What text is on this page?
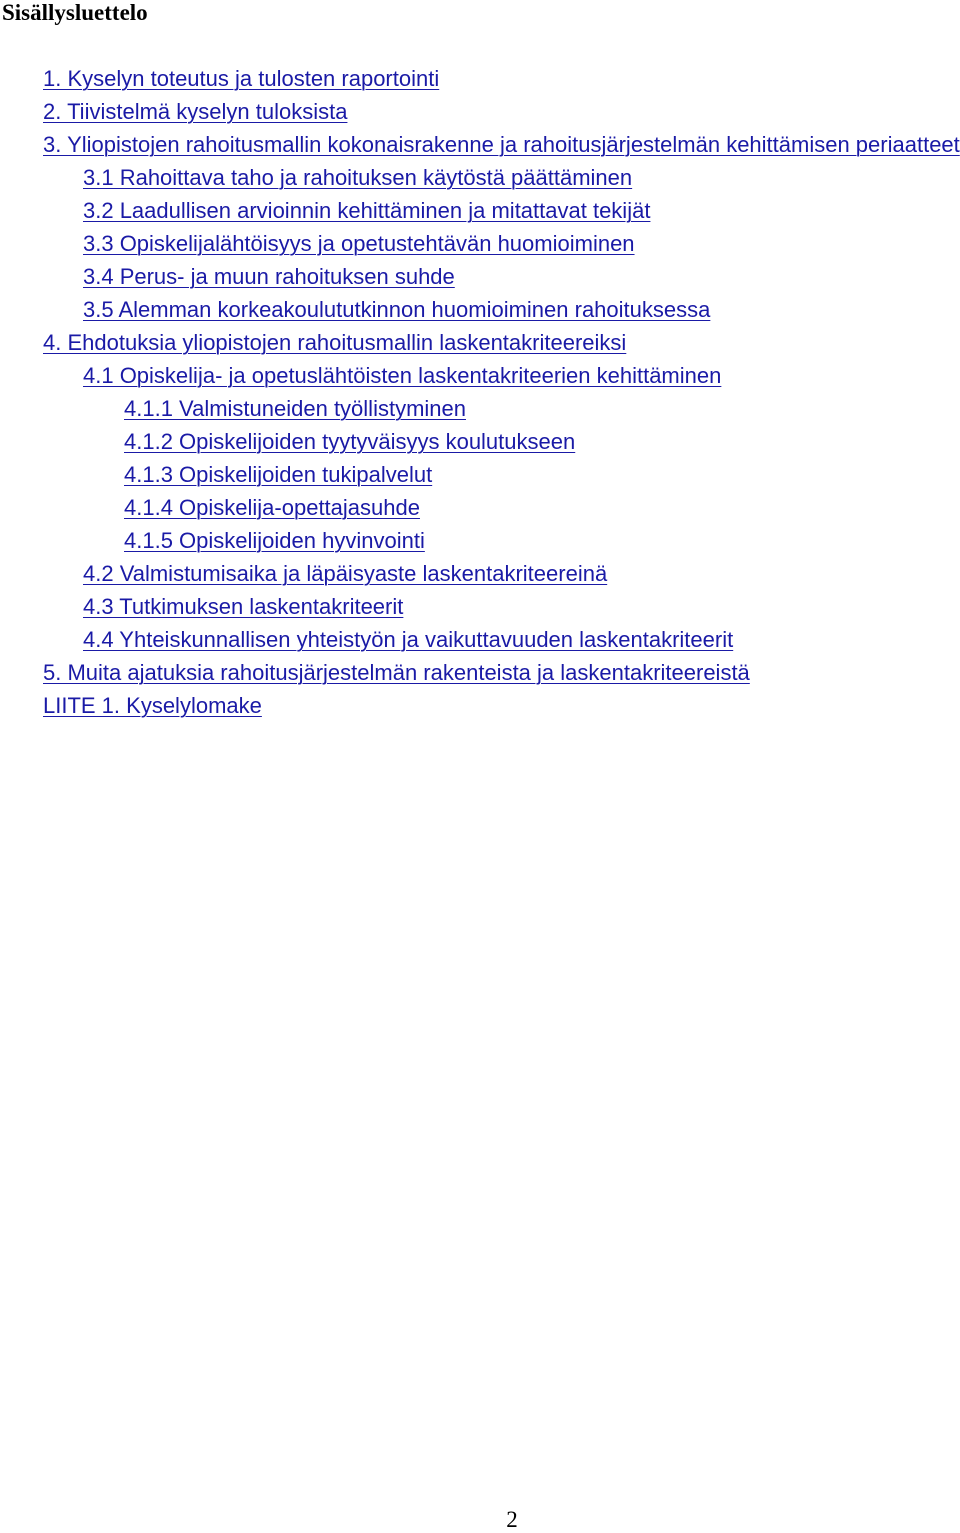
Sisällysluettelo
1. Kyselyn toteutus ja tulosten raportointi
2. Tiivistelmä kyselyn tuloksista
3. Yliopistojen rahoitusmallin kokonaisrakenne ja rahoitusjärjestelmän kehittämisen periaatteet
3.1 Rahoittava taho ja rahoituksen käytöstä päättäminen
3.2 Laadullisen arvioinnin kehittäminen ja mitattavat tekijät
3.3 Opiskelijalähtöisyys ja opetustehtävän huomioiminen
3.4 Perus- ja muun rahoituksen suhde
3.5 Alemman korkeakoulututkinnon huomioiminen rahoituksessa
4. Ehdotuksia yliopistojen rahoitusmallin laskentakriteereiksi
4.1 Opiskelija- ja opetuslähtöisten laskentakriteerien kehittäminen
4.1.1 Valmistuneiden työllistyminen
4.1.2 Opiskelijoiden tyytyväisyys koulutukseen
4.1.3 Opiskelijoiden tukipalvelut
4.1.4 Opiskelija-opettajasuhde
4.1.5 Opiskelijoiden hyvinvointi
4.2 Valmistumisaika ja läpäisyaste laskentakriteereinä
4.3 Tutkimuksen laskentakriteerit
4.4 Yhteiskunnallisen yhteistyön ja vaikuttavuuden laskentakriteerit
5. Muita ajatuksia rahoitusjärjestelmän rakenteista ja laskentakriteereistä
LIITE 1. Kyselylomake
2
